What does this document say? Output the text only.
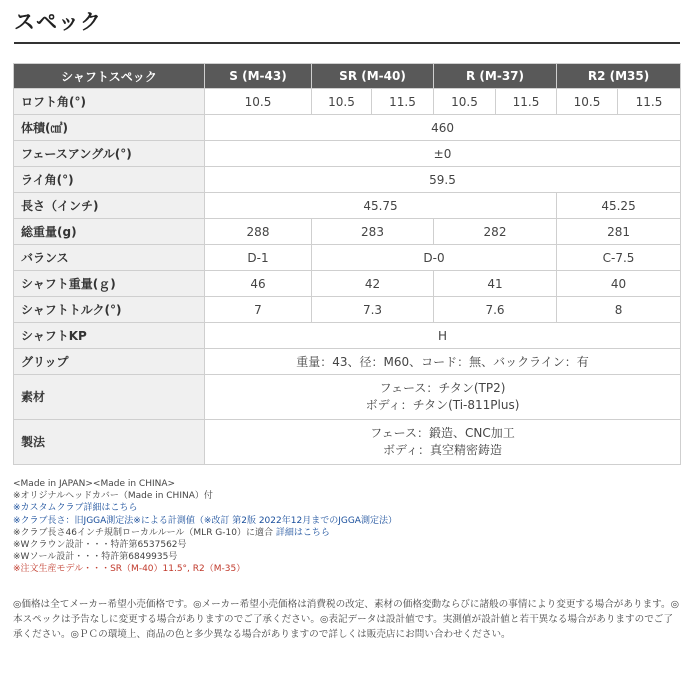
スペック
シャフトスペック	S (M-43)	SR (M-40)		R (M-37)		R2 (M35)	
ロフト角(°)	10.5	10.5	11.5	10.5	11.5	10.5	11.5
体積(㎤)	460						
フェースアングル(°)	±0						
ライ角(°)	59.5						
長さ（インチ)	45.75					45.25	
総重量(g)	288	283		282		281	
バランス	D-1	D-0				C-7.5	
シャフト重量(ｇ)	46	42		41		40	
シャフトトルク(°)	7	7.3		7.6		8	
シャフトKP	H						
グリップ	重量：43、径：M60、コード：無、バックライン：有						
素材	フェース：チタン(TP2)
ボディ：チタン(Ti-811Plus)						

製法	フェース：鍛造、CNC加工
ボディ：真空精密鋳造						
<Made in JAPAN><Made in CHINA>
※オリジナルヘッドカバー（Made in CHINA）付
※カスタムクラブ詳細はこちら
※クラブ長さ：旧JGGA測定法※による計測値（※改訂 第2版 2022年12月までのJGGA測定法）
※クラブ長さ46インチ規制ローカルルール（MLR G-10）に適合 詳細はこちら
※Wクラウン設計・・・特許第6537562号
※Wソール設計・・・特許第6849935号
※注文生産モデル・・・SR（M-40）11.5°, R2（M-35）
◎価格は全てメーカー希望小売価格です。◎メーカー希望小売価格は消費税の改定、素材の価格変動ならびに諸般の事情により変更する場合があります。◎本スペックは予告なしに変更する場合がありますのでご了承ください。◎表記データは設計値です。実測値が設計値と若干異なる場合がありますのでご了承ください。◎ＰＣの環境上、商品の色と多少異なる場合がありますので詳しくは販売店にお問い合わせください。
